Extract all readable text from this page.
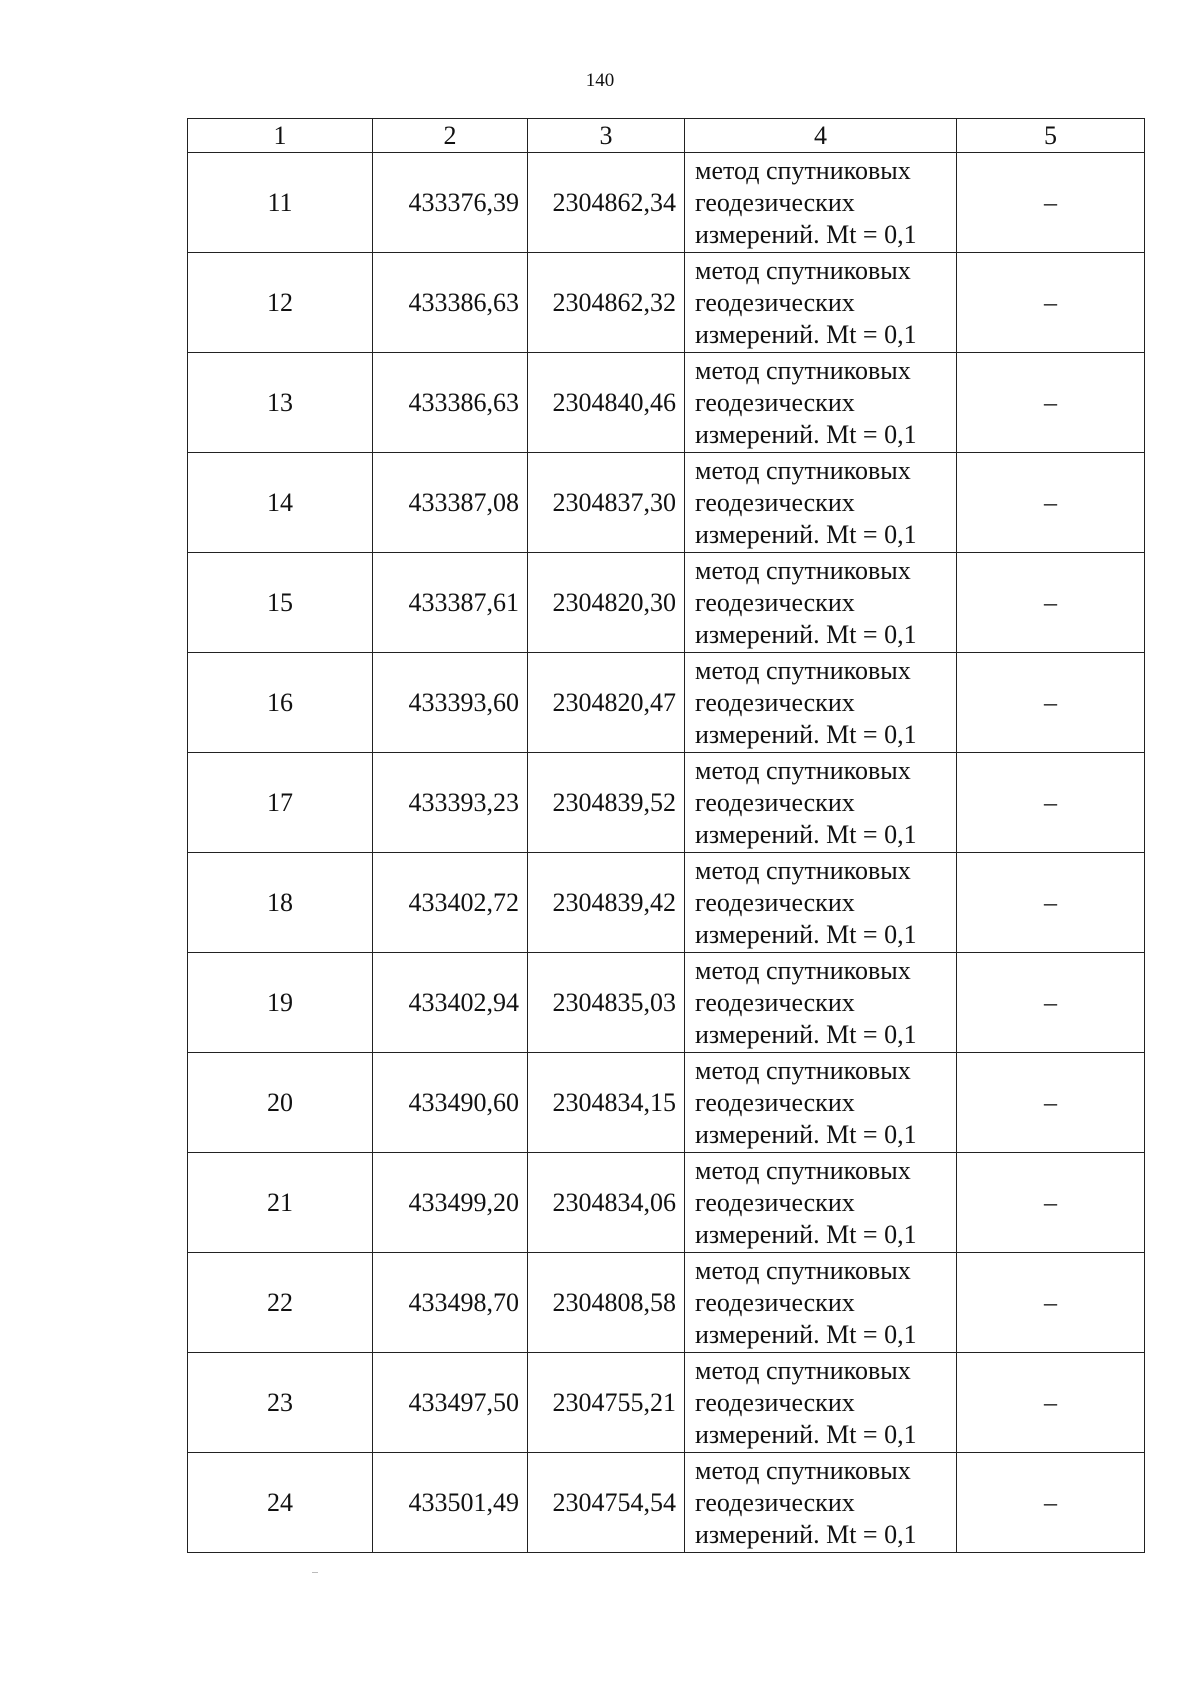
140
1	2	3	4	5
11	433376,39	2304862,34	метод спутниковых
геодезических
измерений. Mt = 0,1	–
12	433386,63	2304862,32	метод спутниковых
геодезических
измерений. Mt = 0,1	–
13	433386,63	2304840,46	метод спутниковых
геодезических
измерений. Mt = 0,1	–
14	433387,08	2304837,30	метод спутниковых
геодезических
измерений. Mt = 0,1	–
15	433387,61	2304820,30	метод спутниковых
геодезических
измерений. Mt = 0,1	–
16	433393,60	2304820,47	метод спутниковых
геодезических
измерений. Mt = 0,1	–
17	433393,23	2304839,52	метод спутниковых
геодезических
измерений. Mt = 0,1	–
18	433402,72	2304839,42	метод спутниковых
геодезических
измерений. Mt = 0,1	–
19	433402,94	2304835,03	метод спутниковых
геодезических
измерений. Mt = 0,1	–
20	433490,60	2304834,15	метод спутниковых
геодезических
измерений. Mt = 0,1	–
21	433499,20	2304834,06	метод спутниковых
геодезических
измерений. Mt = 0,1	–
22	433498,70	2304808,58	метод спутниковых
геодезических
измерений. Mt = 0,1	–
23	433497,50	2304755,21	метод спутниковых
геодезических
измерений. Mt = 0,1	–
24	433501,49	2304754,54	метод спутниковых
геодезических
измерений. Mt = 0,1	–
